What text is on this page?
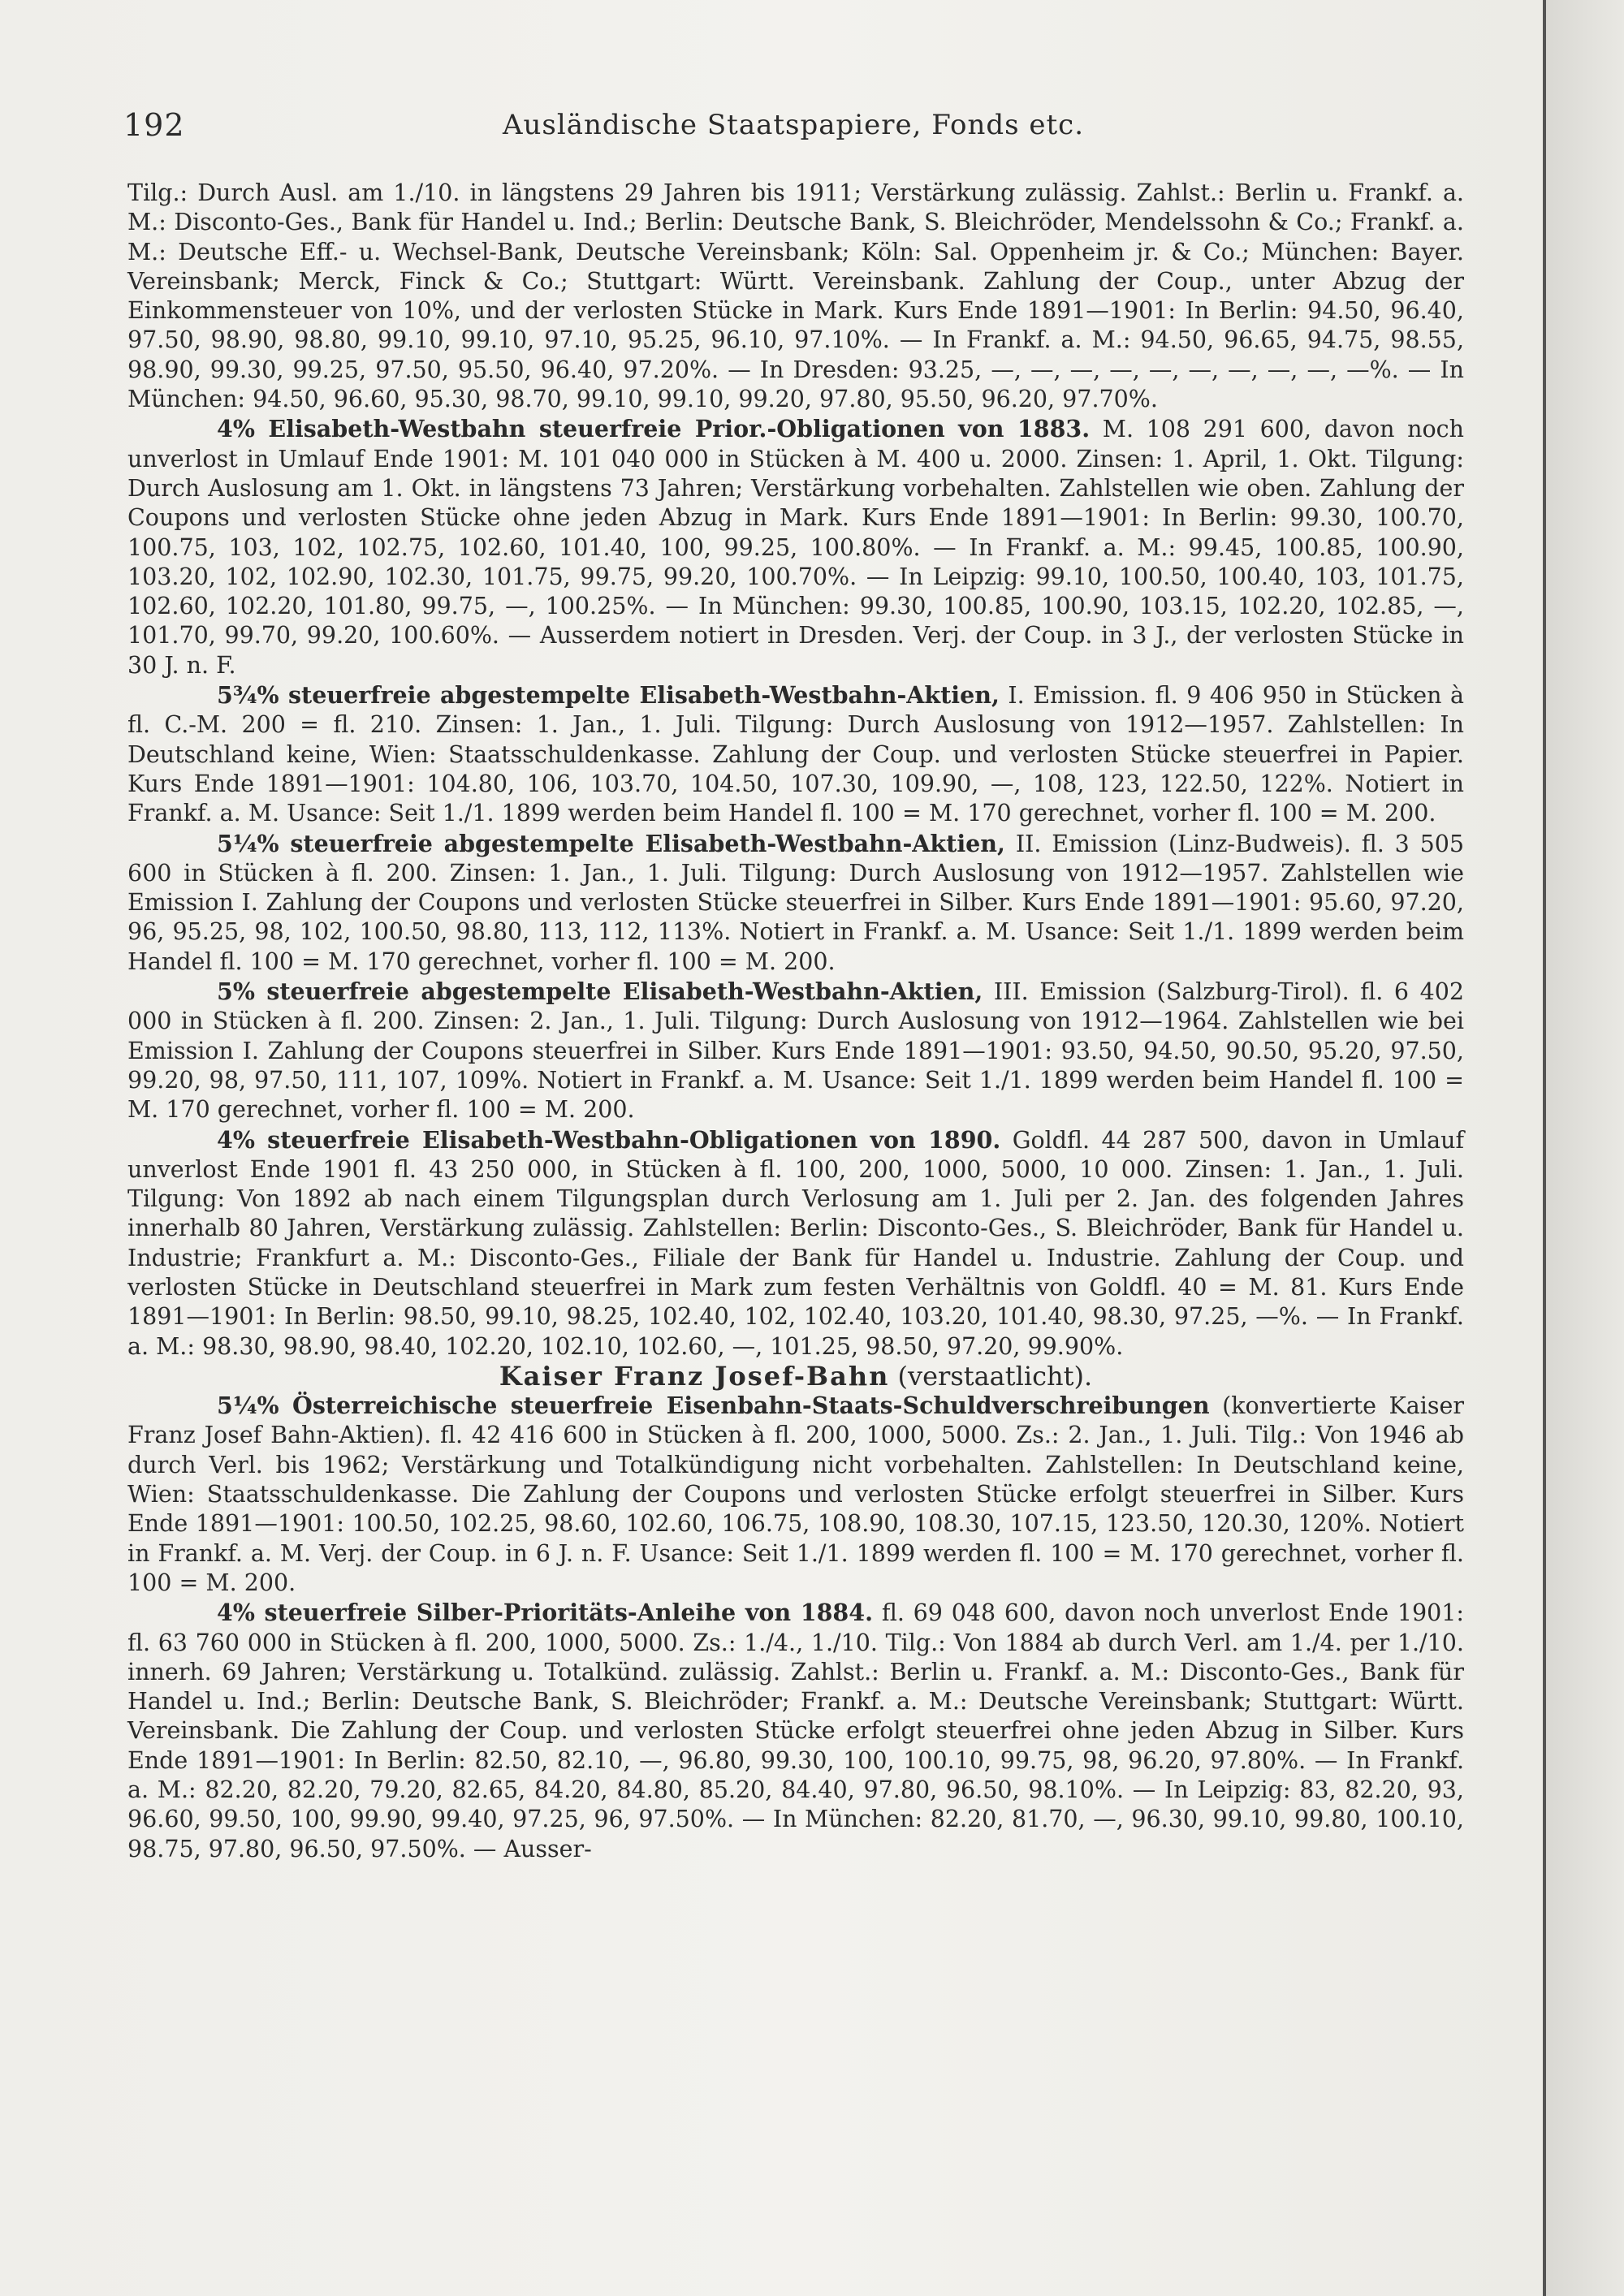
192	Ausländische Staatspapiere, Fonds etc.

Tilg.: Durch Ausl. am 1./10. in längstens 29 Jahren bis 1911; Verstärkung zulässig. Zahlst.: Berlin u. Frankf. a. M.: Disconto-Ges., Bank für Handel u. Ind.; Berlin: Deutsche Bank, S. Bleichröder, Mendelssohn & Co.; Frankf. a. M.: Deutsche Eff.- u. Wechsel-Bank, Deutsche Vereinsbank; Köln: Sal. Oppenheim jr. & Co.; München: Bayer. Vereinsbank; Merck, Finck & Co.; Stuttgart: Württ. Vereinsbank. Zahlung der Coup., unter Abzug der Einkommensteuer von 10%, und der verlosten Stücke in Mark. Kurs Ende 1891—1901: In Berlin: 94.50, 96.40, 97.50, 98.90, 98.80, 99.10, 99.10, 97.10, 95.25, 96.10, 97.10%. — In Frankf. a. M.: 94.50, 96.65, 94.75, 98.55, 98.90, 99.30, 99.25, 97.50, 95.50, 96.40, 97.20%. — In Dresden: 93.25, —, —, —, —, —, —, —, —, —, —%. — In München: 94.50, 96.60, 95.30, 98.70, 99.10, 99.10, 99.20, 97.80, 95.50, 96.20, 97.70%.

4% Elisabeth-Westbahn steuerfreie Prior.-Obligationen von 1883. M. 108 291 600, davon noch unverlost in Umlauf Ende 1901: M. 101 040 000 in Stücken à M. 400 u. 2000. Zinsen: 1. April, 1. Okt. Tilgung: Durch Auslosung am 1. Okt. in längstens 73 Jahren; Verstärkung vorbehalten. Zahlstellen wie oben. Zahlung der Coupons und verlosten Stücke ohne jeden Abzug in Mark. Kurs Ende 1891—1901: In Berlin: 99.30, 100.70, 100.75, 103, 102, 102.75, 102.60, 101.40, 100, 99.25, 100.80%. — In Frankf. a. M.: 99.45, 100.85, 100.90, 103.20, 102, 102.90, 102.30, 101.75, 99.75, 99.20, 100.70%. — In Leipzig: 99.10, 100.50, 100.40, 103, 101.75, 102.60, 102.20, 101.80, 99.75, —, 100.25%. — In München: 99.30, 100.85, 100.90, 103.15, 102.20, 102.85, —, 101.70, 99.70, 99.20, 100.60%. — Ausserdem notiert in Dresden. Verj. der Coup. in 3 J., der verlosten Stücke in 30 J. n. F.

5¾% steuerfreie abgestempelte Elisabeth-Westbahn-Aktien, I. Emission. fl. 9 406 950 in Stücken à fl. C.-M. 200 = fl. 210. Zinsen: 1. Jan., 1. Juli. Tilgung: Durch Auslosung von 1912—1957. Zahlstellen: In Deutschland keine, Wien: Staatsschuldenkasse. Zahlung der Coup. und verlosten Stücke steuerfrei in Papier. Kurs Ende 1891—1901: 104.80, 106, 103.70, 104.50, 107.30, 109.90, —, 108, 123, 122.50, 122%. Notiert in Frankf. a. M. Usance: Seit 1./1. 1899 werden beim Handel fl. 100 = M. 170 gerechnet, vorher fl. 100 = M. 200.

5¼% steuerfreie abgestempelte Elisabeth-Westbahn-Aktien, II. Emission (Linz-Budweis). fl. 3 505 600 in Stücken à fl. 200. Zinsen: 1. Jan., 1. Juli. Tilgung: Durch Auslosung von 1912—1957. Zahlstellen wie Emission I. Zahlung der Coupons und verlosten Stücke steuerfrei in Silber. Kurs Ende 1891—1901: 95.60, 97.20, 96, 95.25, 98, 102, 100.50, 98.80, 113, 112, 113%. Notiert in Frankf. a. M. Usance: Seit 1./1. 1899 werden beim Handel fl. 100 = M. 170 gerechnet, vorher fl. 100 = M. 200.

5% steuerfreie abgestempelte Elisabeth-Westbahn-Aktien, III. Emission (Salzburg-Tirol). fl. 6 402 000 in Stücken à fl. 200. Zinsen: 2. Jan., 1. Juli. Tilgung: Durch Auslosung von 1912—1964. Zahlstellen wie bei Emission I. Zahlung der Coupons steuerfrei in Silber. Kurs Ende 1891—1901: 93.50, 94.50, 90.50, 95.20, 97.50, 99.20, 98, 97.50, 111, 107, 109%. Notiert in Frankf. a. M. Usance: Seit 1./1. 1899 werden beim Handel fl. 100 = M. 170 gerechnet, vorher fl. 100 = M. 200.

4% steuerfreie Elisabeth-Westbahn-Obligationen von 1890. Goldfl. 44 287 500, davon in Umlauf unverlost Ende 1901 fl. 43 250 000, in Stücken à fl. 100, 200, 1000, 5000, 10 000. Zinsen: 1. Jan., 1. Juli. Tilgung: Von 1892 ab nach einem Tilgungsplan durch Verlosung am 1. Juli per 2. Jan. des folgenden Jahres innerhalb 80 Jahren, Verstärkung zulässig. Zahlstellen: Berlin: Disconto-Ges., S. Bleichröder, Bank für Handel u. Industrie; Frankfurt a. M.: Disconto-Ges., Filiale der Bank für Handel u. Industrie. Zahlung der Coup. und verlosten Stücke in Deutschland steuerfrei in Mark zum festen Verhältnis von Goldfl. 40 = M. 81. Kurs Ende 1891—1901: In Berlin: 98.50, 99.10, 98.25, 102.40, 102, 102.40, 103.20, 101.40, 98.30, 97.25, —%. — In Frankf. a. M.: 98.30, 98.90, 98.40, 102.20, 102.10, 102.60, —, 101.25, 98.50, 97.20, 99.90%.

Kaiser Franz Josef-Bahn (verstaatlicht).

5¼% Österreichische steuerfreie Eisenbahn-Staats-Schuldverschreibungen (konvertierte Kaiser Franz Josef Bahn-Aktien). fl. 42 416 600 in Stücken à fl. 200, 1000, 5000. Zs.: 2. Jan., 1. Juli. Tilg.: Von 1946 ab durch Verl. bis 1962; Verstärkung und Totalkündigung nicht vorbehalten. Zahlstellen: In Deutschland keine, Wien: Staatsschuldenkasse. Die Zahlung der Coupons und verlosten Stücke erfolgt steuerfrei in Silber. Kurs Ende 1891—1901: 100.50, 102.25, 98.60, 102.60, 106.75, 108.90, 108.30, 107.15, 123.50, 120.30, 120%. Notiert in Frankf. a. M. Verj. der Coup. in 6 J. n. F. Usance: Seit 1./1. 1899 werden fl. 100 = M. 170 gerechnet, vorher fl. 100 = M. 200.

4% steuerfreie Silber-Prioritäts-Anleihe von 1884. fl. 69 048 600, davon noch unverlost Ende 1901: fl. 63 760 000 in Stücken à fl. 200, 1000, 5000. Zs.: 1./4., 1./10. Tilg.: Von 1884 ab durch Verl. am 1./4. per 1./10. innerh. 69 Jahren; Verstärkung u. Totalkünd. zulässig. Zahlst.: Berlin u. Frankf. a. M.: Disconto-Ges., Bank für Handel u. Ind.; Berlin: Deutsche Bank, S. Bleichröder; Frankf. a. M.: Deutsche Vereinsbank; Stuttgart: Württ. Vereinsbank. Die Zahlung der Coup. und verlosten Stücke erfolgt steuerfrei ohne jeden Abzug in Silber. Kurs Ende 1891—1901: In Berlin: 82.50, 82.10, —, 96.80, 99.30, 100, 100.10, 99.75, 98, 96.20, 97.80%. — In Frankf. a. M.: 82.20, 82.20, 79.20, 82.65, 84.20, 84.80, 85.20, 84.40, 97.80, 96.50, 98.10%. — In Leipzig: 83, 82.20, 93, 96.60, 99.50, 100, 99.90, 99.40, 97.25, 96, 97.50%. — In München: 82.20, 81.70, —, 96.30, 99.10, 99.80, 100.10, 98.75, 97.80, 96.50, 97.50%. — Ausser-
